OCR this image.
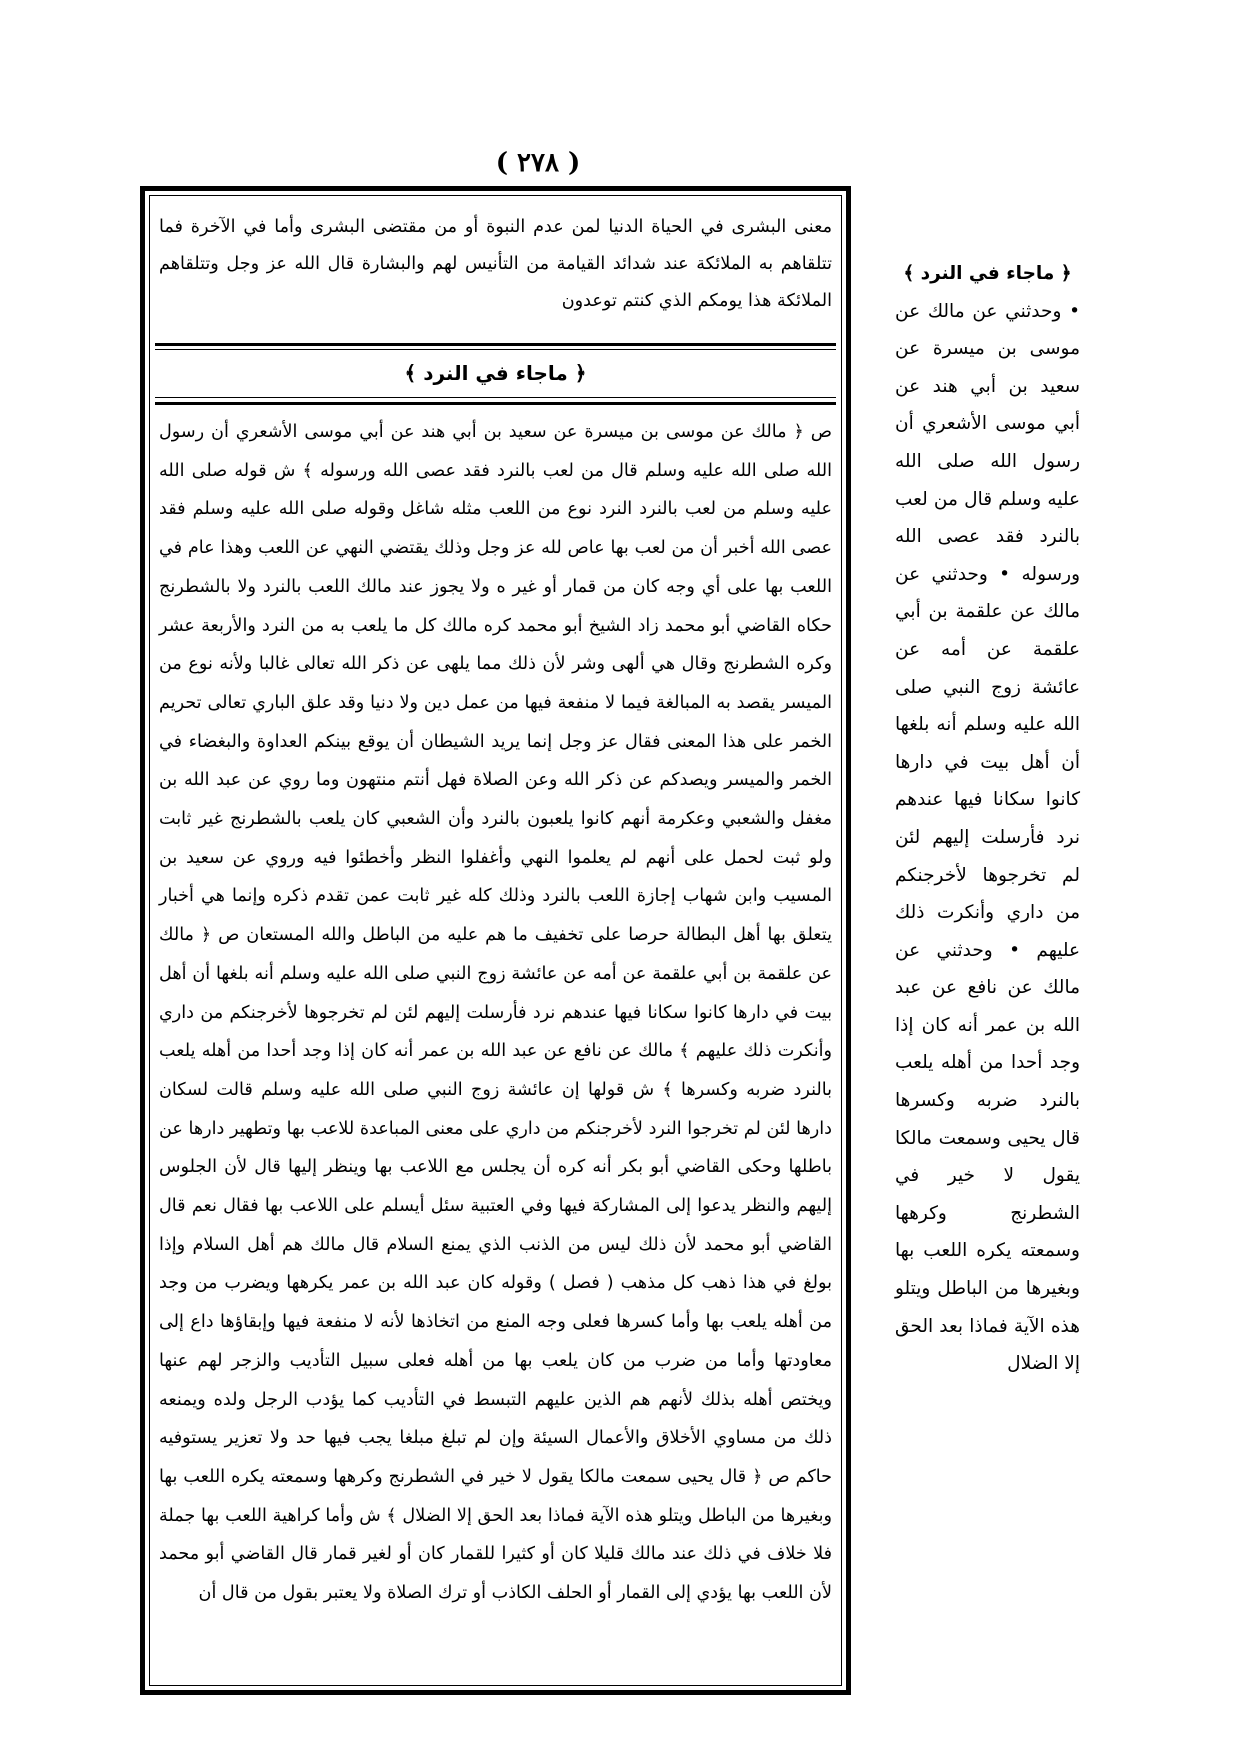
( ٢٧٨ )

معنى البشرى في الحياة الدنيا لمن عدم النبوة أو من مقتضى البشرى وأما في الآخرة فما تتلقاهم به الملائكة عند شدائد القيامة من التأنيس لهم والبشارة قال الله عز وجل وتتلقاهم الملائكة هذا يومكم الذي كنتم توعدون

﴿ ماجاء في النرد ﴾

ص ﴿ مالك عن موسى بن ميسرة عن سعيد بن أبي هند عن أبي موسى الأشعري أن رسول الله صلى الله عليه وسلم قال من لعب بالنرد فقد عصى الله ورسوله ﴾ ش قوله صلى الله عليه وسلم من لعب بالنرد النرد نوع من اللعب مثله شاغل وقوله صلى الله عليه وسلم فقد عصى الله أخبر أن من لعب بها عاص لله عز وجل وذلك يقتضي النهي عن اللعب وهذا عام في اللعب بها على أي وجه كان من قمار أو غير ه ولا يجوز عند مالك اللعب بالنرد ولا بالشطرنج حكاه القاضي أبو محمد زاد الشيخ أبو محمد كره مالك كل ما يلعب به من النرد والأربعة عشر وكره الشطرنج وقال هي ألهى وشر لأن ذلك مما يلهى عن ذكر الله تعالى غالبا ولأنه نوع من الميسر يقصد به المبالغة فيما لا منفعة فيها من عمل دين ولا دنيا وقد علق الباري تعالى تحريم الخمر على هذا المعنى فقال عز وجل إنما يريد الشيطان أن يوقع بينكم العداوة والبغضاء في الخمر والميسر ويصدكم عن ذكر الله وعن الصلاة فهل أنتم منتهون وما روي عن عبد الله بن مغفل والشعبي وعكرمة أنهم كانوا يلعبون بالنرد وأن الشعبي كان يلعب بالشطرنج غير ثابت ولو ثبت لحمل على أنهم لم يعلموا النهي وأغفلوا النظر وأخطئوا فيه وروي عن سعيد بن المسيب وابن شهاب إجازة اللعب بالنرد وذلك كله غير ثابت عمن تقدم ذكره وإنما هي أخبار يتعلق بها أهل البطالة حرصا على تخفيف ما هم عليه من الباطل والله المستعان ص ﴿ مالك عن علقمة بن أبي علقمة عن أمه عن عائشة زوج النبي صلى الله عليه وسلم أنه بلغها أن أهل بيت في دارها كانوا سكانا فيها عندهم نرد فأرسلت إليهم لئن لم تخرجوها لأخرجنكم من داري وأنكرت ذلك عليهم ﴾ مالك عن نافع عن عبد الله بن عمر أنه كان إذا وجد أحدا من أهله يلعب بالنرد ضربه وكسرها ﴾ ش قولها إن عائشة زوج النبي صلى الله عليه وسلم قالت لسكان دارها لئن لم تخرجوا النرد لأخرجنكم من داري على معنى المباعدة للاعب بها وتطهير دارها عن باطلها وحكى القاضي أبو بكر أنه كره أن يجلس مع اللاعب بها وينظر إليها قال لأن الجلوس إليهم والنظر يدعوا إلى المشاركة فيها وفي العتبية سئل أيسلم على اللاعب بها فقال نعم قال القاضي أبو محمد لأن ذلك ليس من الذنب الذي يمنع السلام قال مالك هم أهل السلام وإذا بولغ في هذا ذهب كل مذهب ( فصل ) وقوله كان عبد الله بن عمر يكرهها ويضرب من وجد من أهله يلعب بها وأما كسرها فعلى وجه المنع من اتخاذها لأنه لا منفعة فيها وإبقاؤها داع إلى معاودتها وأما من ضرب من كان يلعب بها من أهله فعلى سبيل التأديب والزجر لهم عنها ويختص أهله بذلك لأنهم هم الذين عليهم التبسط في التأديب كما يؤدب الرجل ولده ويمنعه ذلك من مساوي الأخلاق والأعمال السيئة وإن لم تبلغ مبلغا يجب فيها حد ولا تعزير يستوفيه حاكم ص ﴿ قال يحيى سمعت مالكا يقول لا خير في الشطرنج وكرهها وسمعته يكره اللعب بها وبغيرها من الباطل ويتلو هذه الآية فماذا بعد الحق إلا الضلال ﴾ ش وأما كراهية اللعب بها جملة فلا خلاف في ذلك عند مالك قليلا كان أو كثيرا للقمار كان أو لغير قمار قال القاضي أبو محمد لأن اللعب بها يؤدي إلى القمار أو الحلف الكاذب أو ترك الصلاة ولا يعتبر بقول من قال أن

﴿ ماجاء في النرد ﴾
• وحدثني عن مالك عن موسى بن ميسرة عن سعيد بن أبي هند عن أبي موسى الأشعري أن رسول الله صلى الله عليه وسلم قال من لعب بالنرد فقد عصى الله ورسوله • وحدثني عن مالك عن علقمة بن أبي علقمة عن أمه عن عائشة زوج النبي صلى الله عليه وسلم أنه بلغها أن أهل بيت في دارها كانوا سكانا فيها عندهم نرد فأرسلت إليهم لئن لم تخرجوها لأخرجنكم من داري وأنكرت ذلك عليهم • وحدثني عن مالك عن نافع عن عبد الله بن عمر أنه كان إذا وجد أحدا من أهله يلعب بالنرد ضربه وكسرها قال يحيى وسمعت مالكا يقول لا خير في الشطرنج وكرهها وسمعته يكره اللعب بها وبغيرها من الباطل ويتلو هذه الآية فماذا بعد الحق إلا الضلال
